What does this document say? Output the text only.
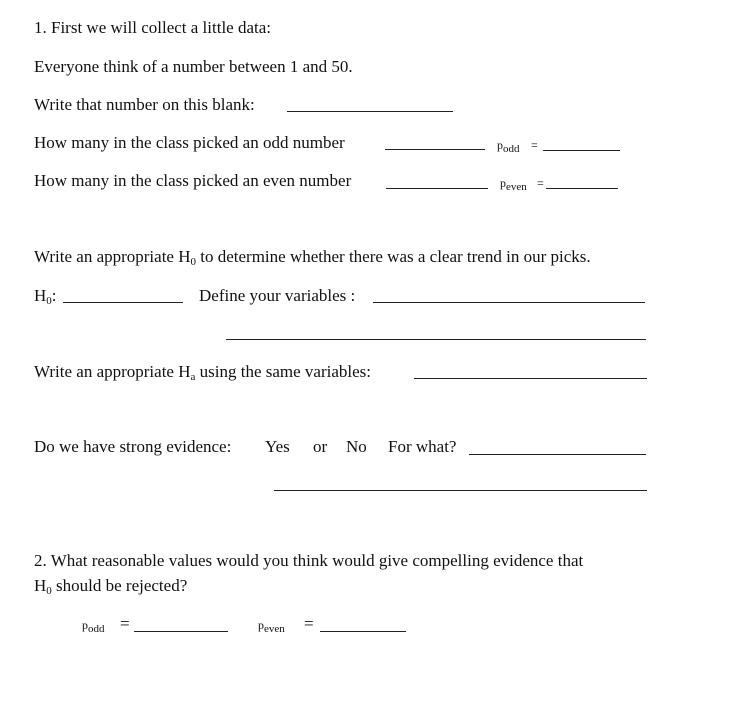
1. First we will collect a little data:
Everyone think of a number between 1 and 50.
Write that number on this blank:
How many in the class picked an odd number	podd =
How many in the class picked an even number	peven =
Write an appropriate H0 to determine whether there was a clear trend in our picks.
H0:	Define your variables :
Write an appropriate Ha using the same variables:
Do we have strong evidence: Yes or No For what?
2. What reasonable values would you think would give compelling evidence that
H0 should be rejected?
podd =	peven =
